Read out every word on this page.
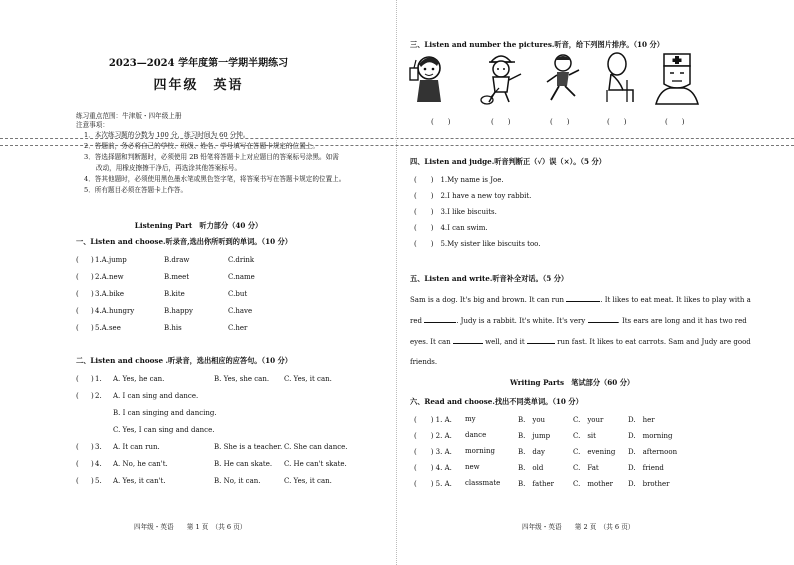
2023—2024 学年度第一学期半期练习
四年级　英语
练习重点范围：牛津版・四年级上册
注意事项：
1．本次练习题的分数为 100 分，练习时间为 60 分钟。
2．答题前，务必将自己的学校、班级、姓名、学号填写在答题卡规定的位置上。
3．答选择题和判断题时，必须使用 2B 铅笔将答题卡上对应题目的答案标号涂黑。如需
改动，用橡皮擦擦干净后，再选涂其他答案标号。
4．答其他题时，必须使用黑色墨水笔或黑色签字笔，将答案书写在答题卡规定的位置上。
5．所有题目必须在答题卡上作答。
Listening Part　听力部分（40 分）
一、Listen and choose.听录音,选出你所听到的单词。（10 分）
( ) 1.A.jump	B.draw	C.drink
( ) 2.A.new	B.meet	C.name
( ) 3.A.bike	B.kite	C.but
( ) 4.A.hungry	B.happy	C.have
( ) 5.A.see	B.his	C.her
二、Listen and choose .听录音，选出相应的应答句。（10 分）
( ) 1. A. Yes, he can.	B. Yes, she can. C. Yes, it can.
( ) 2. A. I can sing and dance.
B. I can singing and dancing.
C. Yes, I can sing and dance.
( ) 3. A. It can run.	B. She is a teacher. C. She can dance.
( ) 4. A. No, he can't.	B. He can skate. C. He can't skate.
( ) 5. A. Yes, it can't.	B. No, it can.	C. Yes, it can.
四年级・英语　　第 1 页　（共 6 页）
三、Listen and number the pictures.听音，给下列图片排序。（10 分）
(　　)	(　　)	(　　)	(　　)	(　　)
四、Listen and judge.听音判断正（√）误（×）。（5 分）
(　　)　1.My name is Joe.
(　　)　2.I have a new toy rabbit.
(　　)　3.I like biscuits.
(　　)　4.I can swim.
(　　)　5.My sister like biscuits too.
五、Listen and write.听音补全对话。（5 分）
Sam is a dog. It's big and brown. It can run	. It likes to eat meat. It likes to play with a
red	. Judy is a rabbit. It's white. It's very	. Its ears are long and it has two red
eyes. It can	well, and it	run fast. It likes to eat carrots. Sam and Judy are good
friends.
Writing Parts　笔试部分（60 分）
六、Read and choose.找出不同类单词。（10 分）
(　　) 1. A. my	B.　you	C.　your	D.　her
(　　) 2. A. dance	B.　jump	C.　sit	D.　morning
(　　) 3. A. morning	B.　day	C.　evening D.　afternoon
(　　) 4. A. new	B.　old	C.　Fat	D.　friend
(　　) 5. A. classmate	B.　father	C.　mother D.　brother
四年级・英语　　第 2 页　（共 6 页）
